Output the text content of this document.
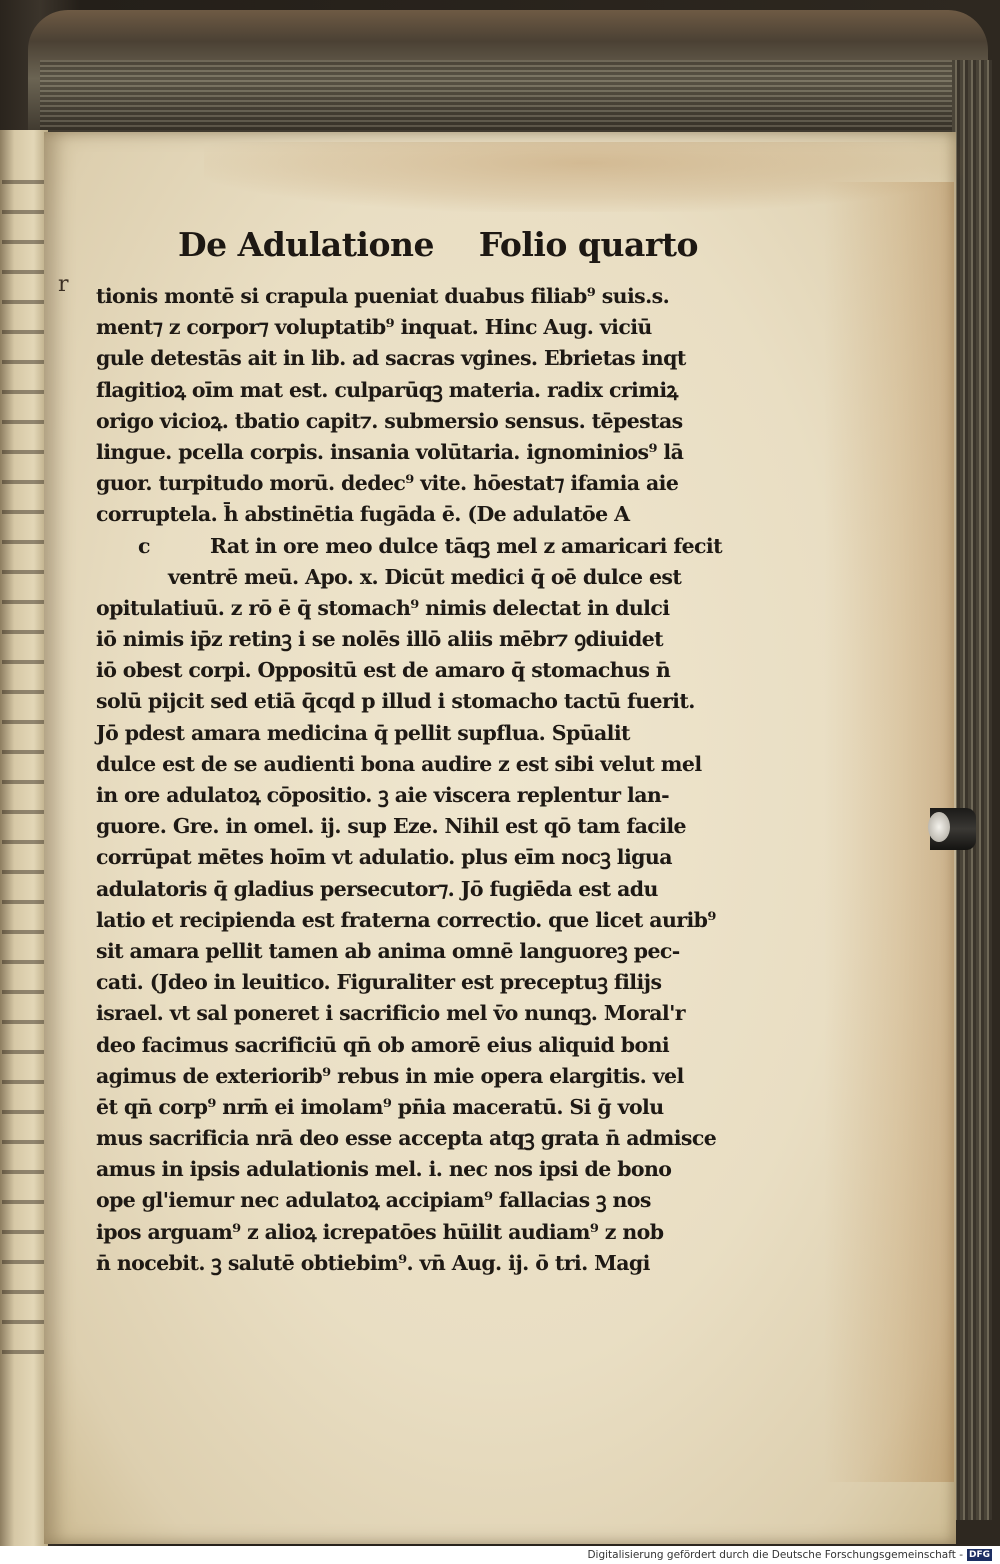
r
De Adulatione Folio quarto
tionis montē si crapula pueniat duabus filiab⁹ suis.s.
ment⁊ z corpor⁊ voluptatib⁹ inquat. Hinc Aug. viciū
gule detestās ait in lib. ad sacras vgines. Ebrietas inqt
flagitioꝝ oīm mat est. culparūqꝫ materia. radix crimiꝝ
origo vicioꝝ. tbatio capit⁊. submersio sensus. tēpestas
lingue. pcella corpis. insania volūtaria. ignominios⁹ lā
guor. turpitudo morū. dedec⁹ vite. hōestat⁊ ifamia aie
corruptela. h̄ abstinētia fugāda ē. (De adulatōe A
c	Rat in ore meo dulce tāqꝫ mel z amaricari fecit
ventrē meū. Apo. x. Dicūt medici q̄ oē dulce est
opitulatiuū. z rō ē q̄ stomach⁹ nimis delectat in dulci
iō nimis ip̄z retinꝫ i se nolēs illō aliis mēbr⁊ ꝯdiuidet
iō obest corpi. Oppositū est de amaro q̄ stomachus n̄
solū pijcit sed etiā q̄cqd p illud i stomacho tactū fuerit.
Jō pdest amara medicina q̄ pellit supflua. Spūalit
dulce est de se audienti bona audire z est sibi velut mel
in ore adulatoꝝ cōpositio. ꝫ aie viscera replentur lan-
guore. Gre. in omel. ij. sup Eze. Nihil est qō tam facile
corrūpat mētes hoīm vt adulatio. plus eīm nocꝫ ligua
adulatoris q̄ gladius persecutor⁊. Jō fugiēda est adu
latio et recipienda est fraterna correctio. que licet aurib⁹
sit amara pellit tamen ab anima omnē languoreꝫ pec-
cati. (Jdeo in leuitico. Figuraliter est preceptuꝫ filijs
israel. vt sal poneret i sacrificio mel v̄o nunqꝫ. Moral'r
deo facimus sacrificiū qn̄ ob amorē eius aliquid boni
agimus de exteriorib⁹ rebus in mie opera elargitis. vel
ēt qn̄ corp⁹ nrm̄ ei imolam⁹ pn̄ia maceratū. Si ḡ volu
mus sacrificia nrā deo esse accepta atqꝫ grata n̄ admisce
amus in ipsis adulationis mel. i. nec nos ipsi de bono
ope gl'iemur nec adulatoꝝ accipiam⁹ fallacias ꝫ nos
ipos arguam⁹ z alioꝝ icrepatōes hūilit audiam⁹ z nob
n̄ nocebit. ꝫ salutē obtiebim⁹. vn̄ Aug. ij. ō tri. Magi
Digitalisierung gefördert durch die Deutsche Forschungsgemeinschaft - DFG
